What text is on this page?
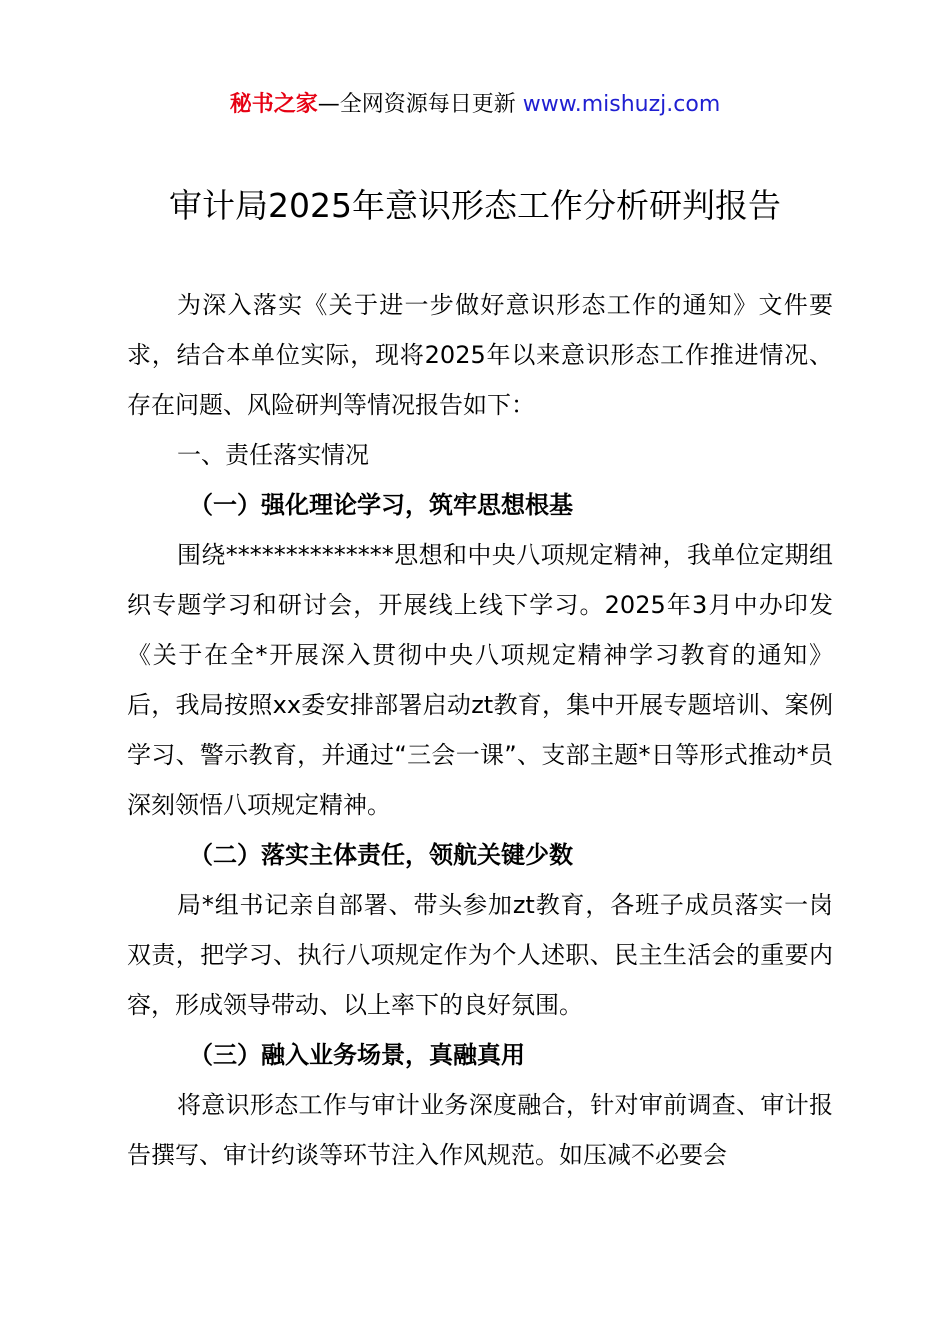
秘书之家—全网资源每日更新 www.mishuzj.com
审计局2025年意识形态工作分析研判报告

为深入落实《关于进一步做好意识形态工作的通知》文件要求，结合本单位实际，现将2025年以来意识形态工作推进情况、存在问题、风险研判等情况报告如下：

一、责任落实情况

（一）强化理论学习，筑牢思想根基

围绕**************思想和中央八项规定精神，我单位定期组织专题学习和研讨会，开展线上线下学习。2025年3月中办印发《关于在全*开展深入贯彻中央八项规定精神学习教育的通知》后，我局按照xx委安排部署启动zt教育，集中开展专题培训、案例学习、警示教育，并通过“三会一课”、支部主题*日等形式推动*员深刻领悟八项规定精神。

（二）落实主体责任，领航关键少数

局*组书记亲自部署、带头参加zt教育，各班子成员落实一岗双责，把学习、执行八项规定作为个人述职、民主生活会的重要内容，形成领导带动、以上率下的良好氛围。

（三）融入业务场景，真融真用

将意识形态工作与审计业务深度融合，针对审前调查、审计报告撰写、审计约谈等环节注入作风规范。如压减不必要会
